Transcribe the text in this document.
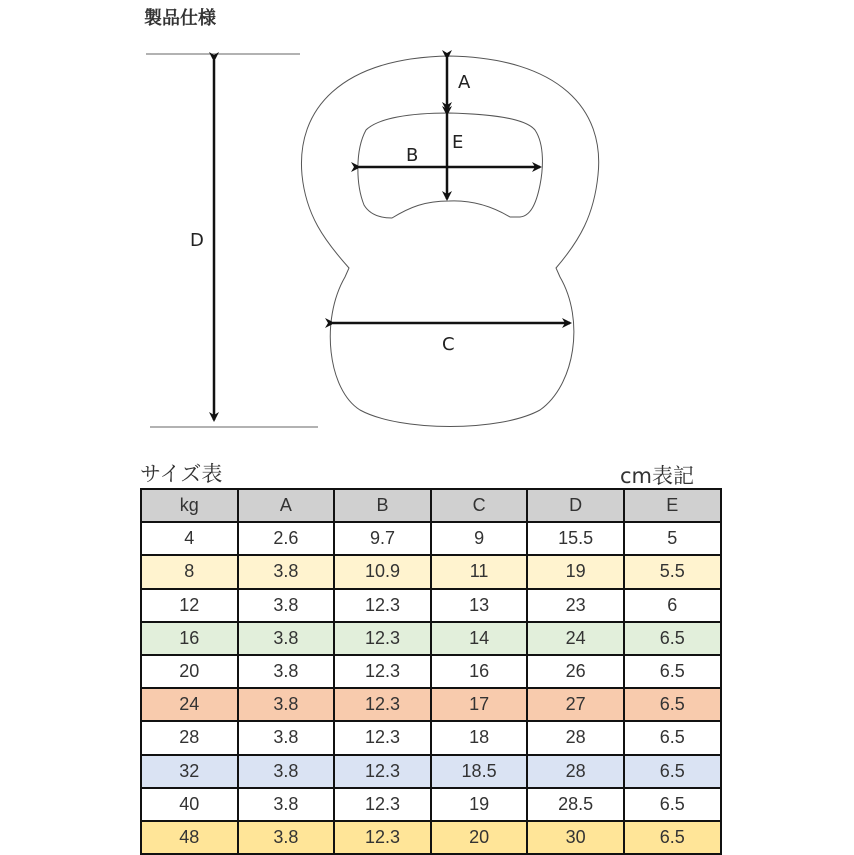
製品仕様
A
E
B
D
C
サイズ表	cm表記
kg	A	B	C	D	E
4	2.6	9.7	9	15.5	5
8	3.8	10.9	11	19	5.5
12	3.8	12.3	13	23	6
16	3.8	12.3	14	24	6.5
20	3.8	12.3	16	26	6.5
24	3.8	12.3	17	27	6.5
28	3.8	12.3	18	28	6.5
32	3.8	12.3	18.5	28	6.5
40	3.8	12.3	19	28.5	6.5
48	3.8	12.3	20	30	6.5
